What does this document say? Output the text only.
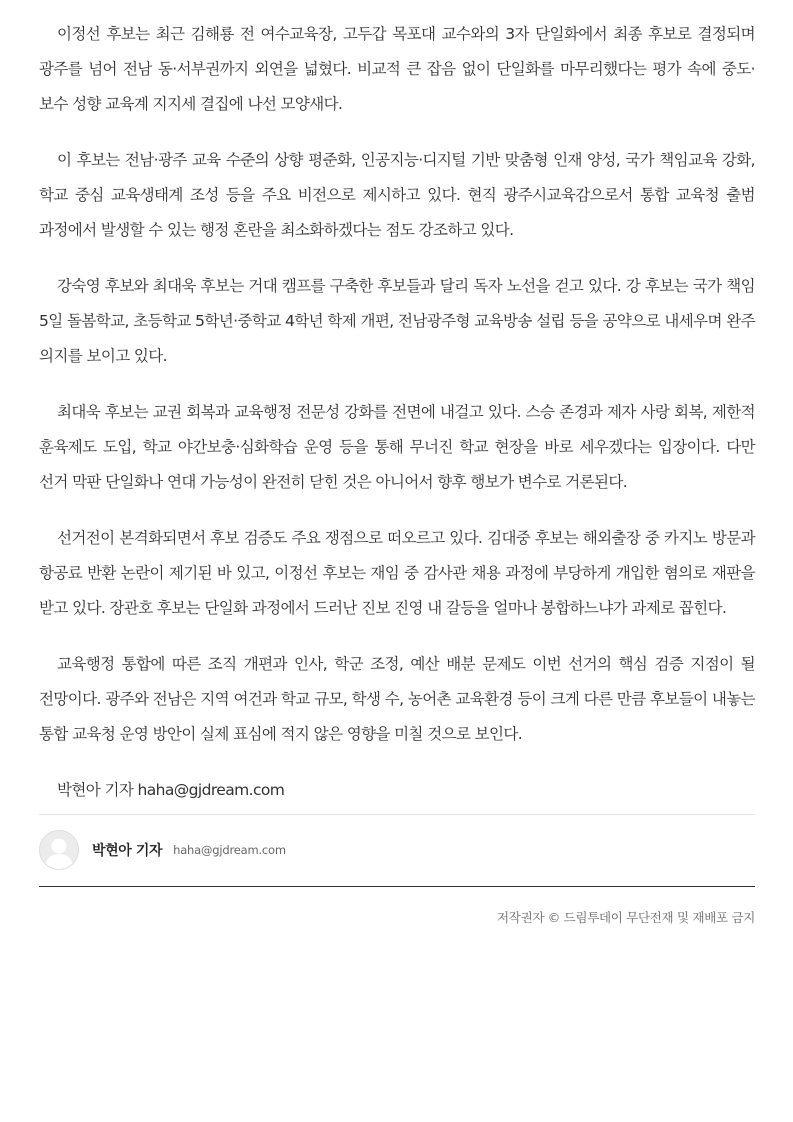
이정선 후보는 최근 김해룡 전 여수교육장, 고두갑 목포대 교수와의 3자 단일화에서 최종 후보로 결정되며 광주를 넘어 전남 동·서부권까지 외연을 넓혔다. 비교적 큰 잡음 없이 단일화를 마무리했다는 평가 속에 중도·보수 성향 교육계 지지세 결집에 나선 모양새다.

이 후보는 전남·광주 교육 수준의 상향 평준화, 인공지능·디지털 기반 맞춤형 인재 양성, 국가 책임교육 강화, 학교 중심 교육생태계 조성 등을 주요 비전으로 제시하고 있다. 현직 광주시교육감으로서 통합 교육청 출범 과정에서 발생할 수 있는 행정 혼란을 최소화하겠다는 점도 강조하고 있다.

강숙영 후보와 최대욱 후보는 거대 캠프를 구축한 후보들과 달리 독자 노선을 걷고 있다. 강 후보는 국가 책임 5일 돌봄학교, 초등학교 5학년·중학교 4학년 학제 개편, 전남광주형 교육방송 설립 등을 공약으로 내세우며 완주 의지를 보이고 있다.

최대욱 후보는 교권 회복과 교육행정 전문성 강화를 전면에 내걸고 있다. 스승 존경과 제자 사랑 회복, 제한적 훈육제도 도입, 학교 야간보충·심화학습 운영 등을 통해 무너진 학교 현장을 바로 세우겠다는 입장이다. 다만 선거 막판 단일화나 연대 가능성이 완전히 닫힌 것은 아니어서 향후 행보가 변수로 거론된다.

선거전이 본격화되면서 후보 검증도 주요 쟁점으로 떠오르고 있다. 김대중 후보는 해외출장 중 카지노 방문과 항공료 반환 논란이 제기된 바 있고, 이정선 후보는 재임 중 감사관 채용 과정에 부당하게 개입한 혐의로 재판을 받고 있다. 장관호 후보는 단일화 과정에서 드러난 진보 진영 내 갈등을 얼마나 봉합하느냐가 과제로 꼽힌다.

교육행정 통합에 따른 조직 개편과 인사, 학군 조정, 예산 배분 문제도 이번 선거의 핵심 검증 지점이 될 전망이다. 광주와 전남은 지역 여건과 학교 규모, 학생 수, 농어촌 교육환경 등이 크게 다른 만큼 후보들이 내놓는 통합 교육청 운영 방안이 실제 표심에 적지 않은 영향을 미칠 것으로 보인다.

박현아 기자 haha@gjdream.com

박현아 기자 haha@gjdream.com
저작권자 © 드림투데이 무단전재 및 재배포 금지
